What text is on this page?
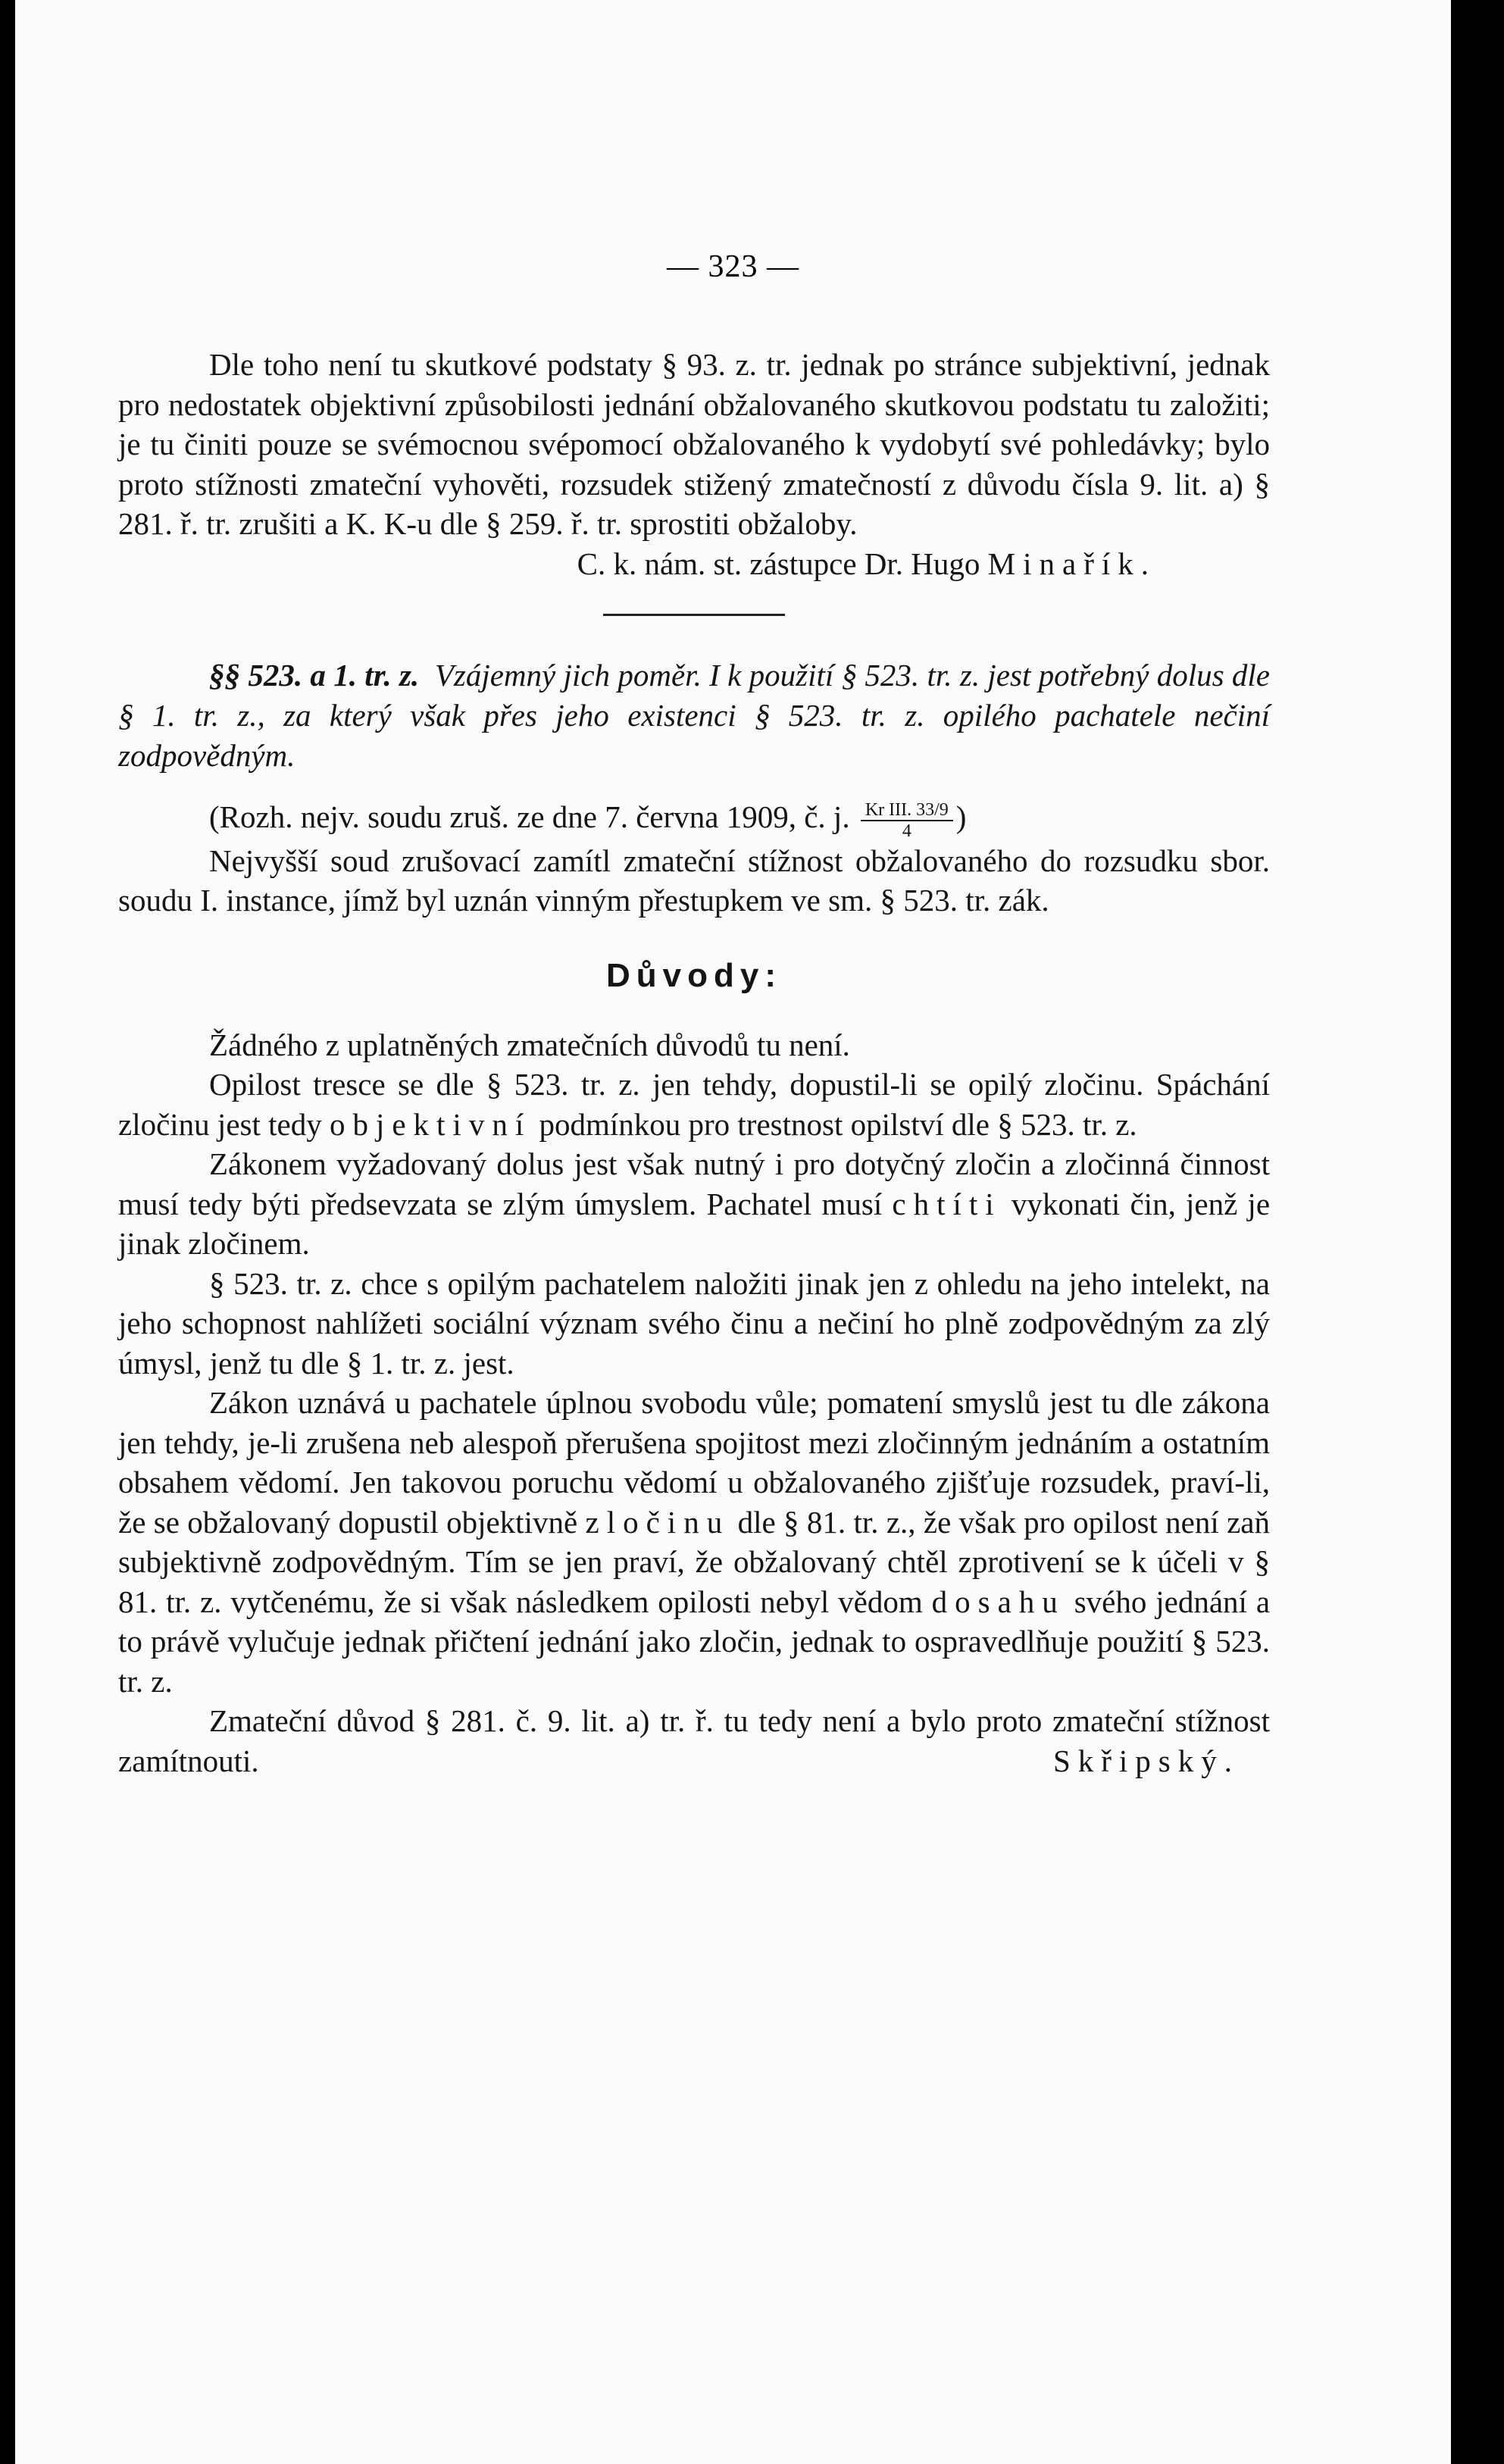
— 323 —

Dle toho není tu skutkové podstaty § 93. z. tr. jednak po stránce subjektivní, jednak pro nedostatek objektivní způsobilosti jednání obžalovaného skutkovou podstatu tu založiti; je tu činiti pouze se svémocnou svépomocí obžalovaného k vydobytí své pohledávky; bylo proto stížnosti zmateční vyhověti, rozsudek stižený zmatečností z důvodu čísla 9. lit. a) § 281. ř. tr. zrušiti a K. K-u dle § 259. ř. tr. sprostiti obžaloby.

C. k. nám. st. zástupce Dr. Hugo Minařík.

§§ 523. a 1. tr. z. Vzájemný jich poměr. I k použití § 523. tr. z. jest potřebný dolus dle § 1. tr. z., za který však přes jeho existenci § 523. tr. z. opilého pachatele nečiní zodpovědným.

(Rozh. nejv. soudu zruš. ze dne 7. června 1909, č. j. $\frac{\text{Kr III. 33/9}}{4}$ )

Nejvyšší soud zrušovací zamítl zmateční stížnost obžalovaného do rozsudku sbor. soudu I. instance, jímž byl uznán vinným přestupkem ve sm. § 523. tr. zák.

Důvody:

Žádného z uplatněných zmatečních důvodů tu není.

Opilost tresce se dle § 523. tr. z. jen tehdy, dopustil-li se opilý zločinu. Spáchání zločinu jest tedy objektivní podmínkou pro trestnost opilství dle § 523. tr. z.

Zákonem vyžadovaný dolus jest však nutný i pro dotyčný zločin a zločinná činnost musí tedy býti předsevzata se zlým úmyslem. Pachatel musí chtíti vykonati čin, jenž je jinak zločinem.

§ 523. tr. z. chce s opilým pachatelem naložiti jinak jen z ohledu na jeho intelekt, na jeho schopnost nahlížeti sociální význam svého činu a nečiní ho plně zodpovědným za zlý úmysl, jenž tu dle § 1. tr. z. jest.

Zákon uznává u pachatele úplnou svobodu vůle; pomatení smyslů jest tu dle zákona jen tehdy, je-li zrušena neb alespoň přerušena spojitost mezi zločinným jednáním a ostatním obsahem vědomí. Jen takovou poruchu vědomí u obžalovaného zjišťuje rozsudek, praví-li, že se obžalovaný dopustil objektivně zločinu dle § 81. tr. z., že však pro opilost není zaň subjektivně zodpovědným. Tím se jen praví, že obžalovaný chtěl zprotivení se k účeli v § 81. tr. z. vytčenému, že si však následkem opilosti nebyl vědom dosahu svého jednání a to právě vylučuje jednak přičtení jednání jako zločin, jednak to ospravedlňuje použití § 523. tr. z.

Zmateční důvod § 281. č. 9. lit. a) tr. ř. tu tedy není a bylo proto zmateční stížnost zamítnouti.	Skřipský.
